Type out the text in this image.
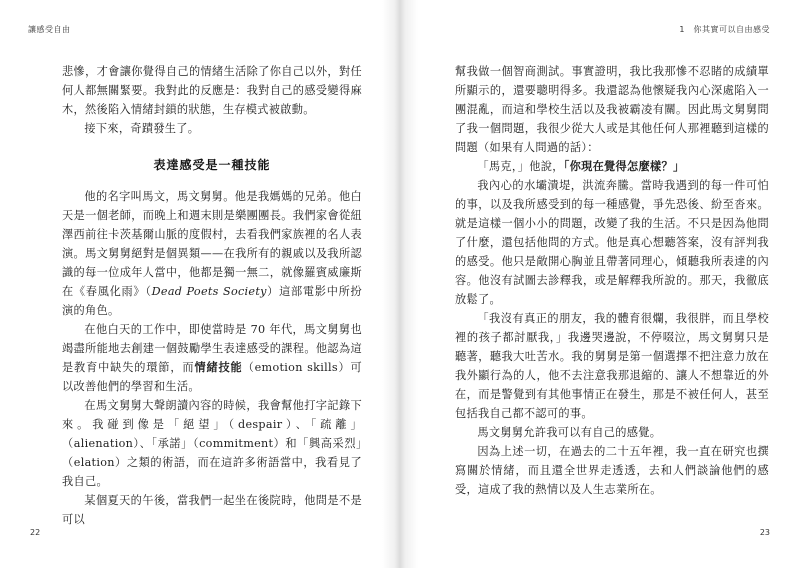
讓感受自由

悲慘，才會讓你覺得自己的情緒生活除了你自己以外，對任何人都無關緊要。我對此的反應是：我對自己的感受變得麻木，然後陷入情緒封鎖的狀態，生存模式被啟動。

接下來，奇蹟發生了。

表達感受是一種技能

他的名字叫馬文，馬文舅舅。他是我媽媽的兄弟。他白天是一個老師，而晚上和週末則是樂團團長。我們家會從紐澤西前往卡茨基爾山脈的度假村，去看我們家族裡的名人表演。馬文舅舅絕對是個異類——在我所有的親戚以及我所認識的每一位成年人當中，他都是獨一無二，就像羅賓威廉斯在《春風化雨》（Dead Poets Society）這部電影中所扮演的角色。

在他白天的工作中，即使當時是 70 年代，馬文舅舅也竭盡所能地去創建一個鼓勵學生表達感受的課程。他認為這是教育中缺失的環節，而情緒技能（emotion skills）可以改善他們的學習和生活。

在馬文舅舅大聲朗讀內容的時候，我會幫他打字記錄下來。我碰到像是「絕望」（despair）、「疏離」（alienation）、「承諾」（commitment）和「興高采烈」（elation）之類的術語，而在這許多術語當中，我看見了我自己。

某個夏天的午後，當我們一起坐在後院時，他問是不是可以

22
1　你其實可以自由感受

幫我做一個智商測試。事實證明，我比我那慘不忍睹的成績單所顯示的，還要聰明得多。我還認為他懷疑我內心深處陷入一團混亂，而這和學校生活以及我被霸凌有關。因此馬文舅舅問了我一個問題，我很少從大人或是其他任何人那裡聽到這樣的問題（如果有人問過的話）：

「馬克，」他說，「你現在覺得怎麼樣？」

我內心的水壩潰堤，洪流奔騰。當時我遇到的每一件可怕的事，以及我所感受到的每一種感覺，爭先恐後、紛至沓來。就是這樣一個小小的問題，改變了我的生活。不只是因為他問了什麼，還包括他問的方式。他是真心想聽答案，沒有評判我的感受。他只是敞開心胸並且帶著同理心，傾聽我所表達的內容。他沒有試圖去診釋我，或是解釋我所說的。那天，我徹底放鬆了。

「我沒有真正的朋友，我的體育很爛，我很胖，而且學校裡的孩子都討厭我，」我邊哭邊說，不停啜泣，馬文舅舅只是聽著，聽我大吐苦水。我的舅舅是第一個選擇不把注意力放在我外顯行為的人，他不去注意我那退縮的、讓人不想靠近的外在，而是警覺到有其他事情正在發生，那是不被任何人，甚至包括我自己都不認可的事。

馬文舅舅允許我可以有自己的感覺。

因為上述一切，在過去的二十五年裡，我一直在研究也撰寫關於情緒，而且還全世界走透透，去和人們談論他們的感受，這成了我的熱情以及人生志業所在。

23
